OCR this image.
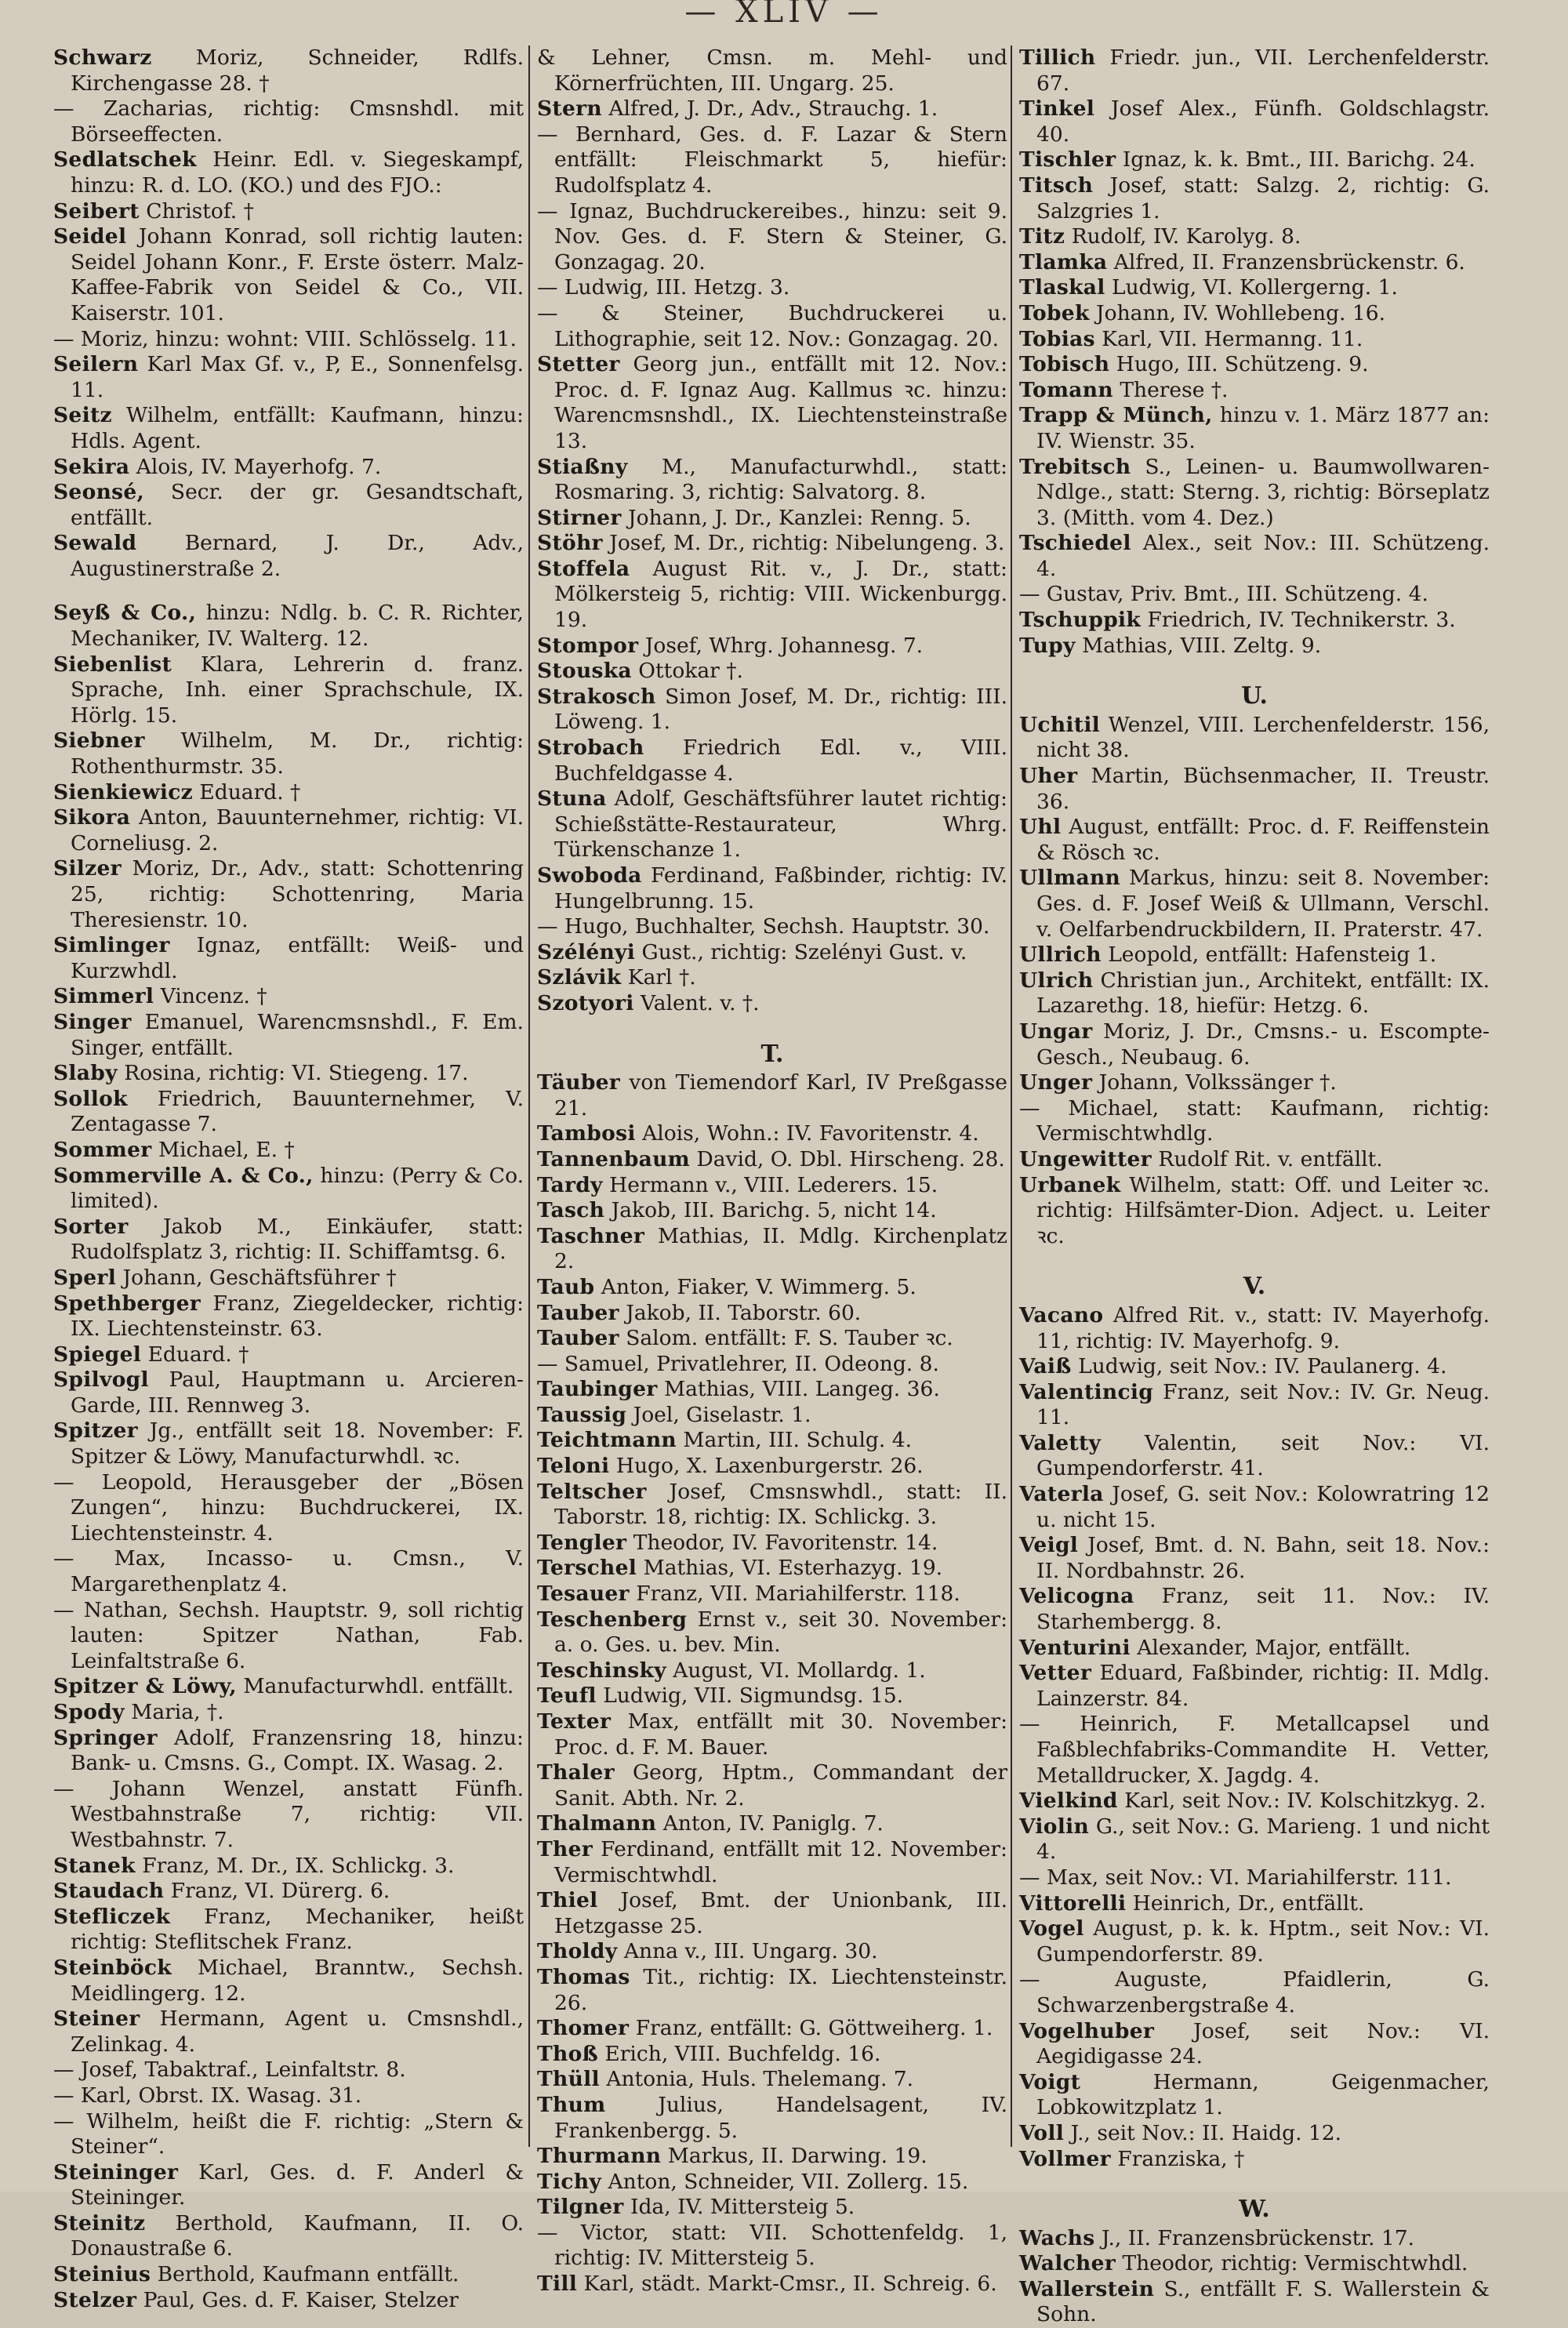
— XLIV —

Schwarz Moriz, Schneider, Rdlfs. Kirchengasse 28. †

— Zacharias, richtig: Cmsnshdl. mit Börseeffecten.

Sedlatschek Heinr. Edl. v. Siegeskampf, hinzu: R. d. LO. (KO.) und des FJO.:

Seibert Christof. †

Seidel Johann Konrad, soll richtig lauten: Seidel Johann Konr., F. Erste österr. Malz-Kaffee-Fabrik von Seidel & Co., VII. Kaiserstr. 101.

— Moriz, hinzu: wohnt: VIII. Schlösselg. 11.

Seilern Karl Max Gf. v., P, E., Sonnenfelsg. 11.

Seitz Wilhelm, entfällt: Kaufmann, hinzu: Hdls. Agent.

Sekira Alois, IV. Mayerhofg. 7.

Seonsé, Secr. der gr. Gesandtschaft, entfällt.

Sewald Bernard, J. Dr., Adv., Augustinerstraße 2.

Seyß & Co., hinzu: Ndlg. b. C. R. Richter, Mechaniker, IV. Walterg. 12.

Siebenlist Klara, Lehrerin d. franz. Sprache, Inh. einer Sprachschule, IX. Hörlg. 15.

Siebner Wilhelm, M. Dr., richtig: Rothenthurmstr. 35.

Sienkiewicz Eduard. †

Sikora Anton, Bauunternehmer, richtig: VI. Corneliusg. 2.

Silzer Moriz, Dr., Adv., statt: Schottenring 25, richtig: Schottenring, Maria Theresienstr. 10.

Simlinger Ignaz, entfällt: Weiß- und Kurzwhdl.

Simmerl Vincenz. †

Singer Emanuel, Warencmsnshdl., F. Em. Singer, entfällt.

Slaby Rosina, richtig: VI. Stiegeng. 17.

Sollok Friedrich, Bauunternehmer, V. Zentagasse 7.

Sommer Michael, E. †

Sommerville A. & Co., hinzu: (Perry & Co. limited).

Sorter Jakob M., Einkäufer, statt: Rudolfsplatz 3, richtig: II. Schiffamtsg. 6.

Sperl Johann, Geschäftsführer †

Spethberger Franz, Ziegeldecker, richtig: IX. Liechtensteinstr. 63.

Spiegel Eduard. †

Spilvogl Paul, Hauptmann u. Arcieren-Garde, III. Rennweg 3.

Spitzer Jg., entfällt seit 18. November: F. Spitzer & Löwy, Manufacturwhdl. ꝛc.

— Leopold, Herausgeber der „Bösen Zungen“, hinzu: Buchdruckerei, IX. Liechtensteinstr. 4.

— Max, Incasso- u. Cmsn., V. Margarethenplatz 4.

— Nathan, Sechsh. Hauptstr. 9, soll richtig lauten: Spitzer Nathan, Fab. Leinfaltstraße 6.

Spitzer & Löwy, Manufacturwhdl. entfällt.

Spody Maria, †.

Springer Adolf, Franzensring 18, hinzu: Bank- u. Cmsns. G., Compt. IX. Wasag. 2.

— Johann Wenzel, anstatt Fünfh. Westbahnstraße 7, richtig: VII. Westbahnstr. 7.

Stanek Franz, M. Dr., IX. Schlickg. 3.

Staudach Franz, VI. Dürerg. 6.

Stefliczek Franz, Mechaniker, heißt richtig: Steflitschek Franz.

Steinböck Michael, Branntw., Sechsh. Meidlingerg. 12.

Steiner Hermann, Agent u. Cmsnshdl., Zelinkag. 4.

— Josef, Tabaktraf., Leinfaltstr. 8.

— Karl, Obrst. IX. Wasag. 31.

— Wilhelm, heißt die F. richtig: „Stern & Steiner“.

Steininger Karl, Ges. d. F. Anderl & Steininger.

Steinitz Berthold, Kaufmann, II. O. Donaustraße 6.

Steinius Berthold, Kaufmann entfällt.

Stelzer Paul, Ges. d. F. Kaiser, Stelzer

& Lehner, Cmsn. m. Mehl- und Körnerfrüchten, III. Ungarg. 25.

Stern Alfred, J. Dr., Adv., Strauchg. 1.

— Bernhard, Ges. d. F. Lazar & Stern entfällt: Fleischmarkt 5, hiefür: Rudolfsplatz 4.

— Ignaz, Buchdruckereibes., hinzu: seit 9. Nov. Ges. d. F. Stern & Steiner, G. Gonzagag. 20.

— Ludwig, III. Hetzg. 3.

— & Steiner, Buchdruckerei u. Lithographie, seit 12. Nov.: Gonzagag. 20.

Stetter Georg jun., entfällt mit 12. Nov.: Proc. d. F. Ignaz Aug. Kallmus ꝛc. hinzu: Warencmsnshdl., IX. Liechtensteinstraße 13.

Stiaßny M., Manufacturwhdl., statt: Rosmaring. 3, richtig: Salvatorg. 8.

Stirner Johann, J. Dr., Kanzlei: Renng. 5.

Stöhr Josef, M. Dr., richtig: Nibelungeng. 3.

Stoffela August Rit. v., J. Dr., statt: Mölkersteig 5, richtig: VIII. Wickenburgg. 19.

Stompor Josef, Whrg. Johannesg. 7.

Stouska Ottokar †.

Strakosch Simon Josef, M. Dr., richtig: III. Löweng. 1.

Strobach Friedrich Edl. v., VIII. Buchfeldgasse 4.

Stuna Adolf, Geschäftsführer lautet richtig: Schießstätte-Restaurateur, Whrg. Türkenschanze 1.

Swoboda Ferdinand, Faßbinder, richtig: IV. Hungelbrunng. 15.

— Hugo, Buchhalter, Sechsh. Hauptstr. 30.

Szélényi Gust., richtig: Szelényi Gust. v.

Szlávik Karl †.

Szotyori Valent. v. †.

T.

Täuber von Tiemendorf Karl, IV Preßgasse 21.

Tambosi Alois, Wohn.: IV. Favoritenstr. 4.

Tannenbaum David, O. Dbl. Hirscheng. 28.

Tardy Hermann v., VIII. Lederers. 15.

Tasch Jakob, III. Barichg. 5, nicht 14.

Taschner Mathias, II. Mdlg. Kirchenplatz 2.

Taub Anton, Fiaker, V. Wimmerg. 5.

Tauber Jakob, II. Taborstr. 60.

Tauber Salom. entfällt: F. S. Tauber ꝛc.

— Samuel, Privatlehrer, II. Odeong. 8.

Taubinger Mathias, VIII. Langeg. 36.

Taussig Joel, Giselastr. 1.

Teichtmann Martin, III. Schulg. 4.

Teloni Hugo, X. Laxenburgerstr. 26.

Teltscher Josef, Cmsnswhdl., statt: II. Taborstr. 18, richtig: IX. Schlickg. 3.

Tengler Theodor, IV. Favoritenstr. 14.

Terschel Mathias, VI. Esterhazyg. 19.

Tesauer Franz, VII. Mariahilferstr. 118.

Teschenberg Ernst v., seit 30. November: a. o. Ges. u. bev. Min.

Teschinsky August, VI. Mollardg. 1.

Teufl Ludwig, VII. Sigmundsg. 15.

Texter Max, entfällt mit 30. November: Proc. d. F. M. Bauer.

Thaler Georg, Hptm., Commandant der Sanit. Abth. Nr. 2.

Thalmann Anton, IV. Paniglg. 7.

Ther Ferdinand, entfällt mit 12. November: Vermischtwhdl.

Thiel Josef, Bmt. der Unionbank, III. Hetzgasse 25.

Tholdy Anna v., III. Ungarg. 30.

Thomas Tit., richtig: IX. Liechtensteinstr. 26.

Thomer Franz, entfällt: G. Göttweiherg. 1.

Thoß Erich, VIII. Buchfeldg. 16.

Thüll Antonia, Huls. Thelemang. 7.

Thum Julius, Handelsagent, IV. Frankenbergg. 5.

Thurmann Markus, II. Darwing. 19.

Tichy Anton, Schneider, VII. Zollerg. 15.

Tilgner Ida, IV. Mittersteig 5.

— Victor, statt: VII. Schottenfeldg. 1, richtig: IV. Mittersteig 5.

Till Karl, städt. Markt-Cmsr., II. Schreig. 6.

Tillich Friedr. jun., VII. Lerchenfelderstr. 67.

Tinkel Josef Alex., Fünfh. Goldschlagstr. 40.

Tischler Ignaz, k. k. Bmt., III. Barichg. 24.

Titsch Josef, statt: Salzg. 2, richtig: G. Salzgries 1.

Titz Rudolf, IV. Karolyg. 8.

Tlamka Alfred, II. Franzensbrückenstr. 6.

Tlaskal Ludwig, VI. Kollergerng. 1.

Tobek Johann, IV. Wohllebeng. 16.

Tobias Karl, VII. Hermanng. 11.

Tobisch Hugo, III. Schützeng. 9.

Tomann Therese †.

Trapp & Münch, hinzu v. 1. März 1877 an: IV. Wienstr. 35.

Trebitsch S., Leinen- u. Baumwollwaren-Ndlge., statt: Sterng. 3, richtig: Börseplatz 3. (Mitth. vom 4. Dez.)

Tschiedel Alex., seit Nov.: III. Schützeng. 4.

— Gustav, Priv. Bmt., III. Schützeng. 4.

Tschuppik Friedrich, IV. Technikerstr. 3.

Tupy Mathias, VIII. Zeltg. 9.

U.

Uchitil Wenzel, VIII. Lerchenfelderstr. 156, nicht 38.

Uher Martin, Büchsenmacher, II. Treustr. 36.

Uhl August, entfällt: Proc. d. F. Reiffenstein & Rösch ꝛc.

Ullmann Markus, hinzu: seit 8. November: Ges. d. F. Josef Weiß & Ullmann, Verschl. v. Oelfarbendruckbildern, II. Praterstr. 47.

Ullrich Leopold, entfällt: Hafensteig 1.

Ulrich Christian jun., Architekt, entfällt: IX. Lazarethg. 18, hiefür: Hetzg. 6.

Ungar Moriz, J. Dr., Cmsns.- u. Escompte-Gesch., Neubaug. 6.

Unger Johann, Volkssänger †.

— Michael, statt: Kaufmann, richtig: Vermischtwhdlg.

Ungewitter Rudolf Rit. v. entfällt.

Urbanek Wilhelm, statt: Off. und Leiter ꝛc. richtig: Hilfsämter-Dion. Adject. u. Leiter ꝛc.

V.

Vacano Alfred Rit. v., statt: IV. Mayerhofg. 11, richtig: IV. Mayerhofg. 9.

Vaiß Ludwig, seit Nov.: IV. Paulanerg. 4.

Valentincig Franz, seit Nov.: IV. Gr. Neug. 11.

Valetty Valentin, seit Nov.: VI. Gumpendorferstr. 41.

Vaterla Josef, G. seit Nov.: Kolowratring 12 u. nicht 15.

Veigl Josef, Bmt. d. N. Bahn, seit 18. Nov.: II. Nordbahnstr. 26.

Velicogna Franz, seit 11. Nov.: IV. Starhembergg. 8.

Venturini Alexander, Major, entfällt.

Vetter Eduard, Faßbinder, richtig: II. Mdlg. Lainzerstr. 84.

— Heinrich, F. Metallcapsel und Faßblechfabriks-Commandite H. Vetter, Metalldrucker, X. Jagdg. 4.

Vielkind Karl, seit Nov.: IV. Kolschitzkyg. 2.

Violin G., seit Nov.: G. Marieng. 1 und nicht 4.

— Max, seit Nov.: VI. Mariahilferstr. 111.

Vittorelli Heinrich, Dr., entfällt.

Vogel August, p. k. k. Hptm., seit Nov.: VI. Gumpendorferstr. 89.

— Auguste, Pfaidlerin, G. Schwarzenbergstraße 4.

Vogelhuber Josef, seit Nov.: VI. Aegidigasse 24.

Voigt Hermann, Geigenmacher, Lobkowitzplatz 1.

Voll J., seit Nov.: II. Haidg. 12.

Vollmer Franziska, †

W.

Wachs J., II. Franzensbrückenstr. 17.

Walcher Theodor, richtig: Vermischtwhdl.

Wallerstein S., entfällt F. S. Wallerstein & Sohn.
